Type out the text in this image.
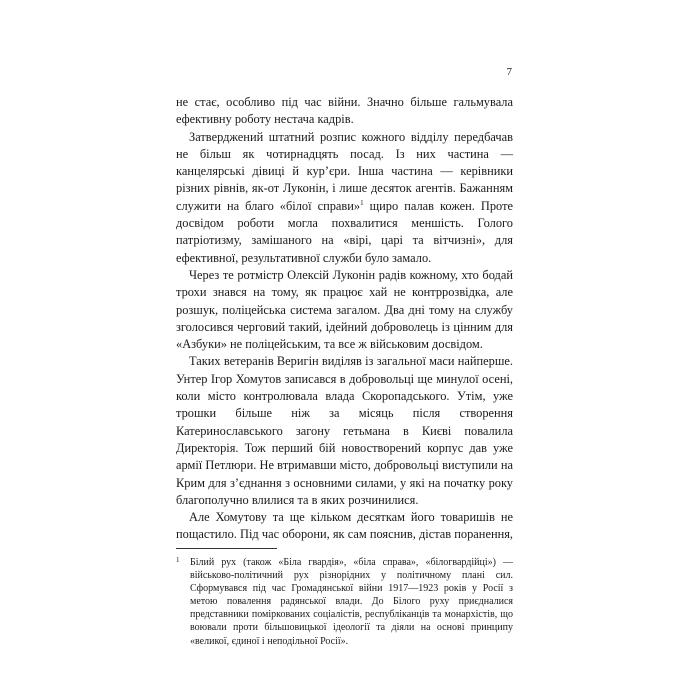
7

не стає, особливо під час війни. Значно більше гальмувала ефективну роботу нестача кадрів.

Затверджений штатний розпис кожного відділу передбачав не більш як чотирнадцять посад. Із них частина — канцелярські дівиці й кур’єри. Інша частина — керівники різних рівнів, як-от Луконін, і лише десяток агентів. Бажанням служити на благо «білої справи»$^1$ щиро палав кожен. Проте досвідом роботи могла похвалитися меншість. Голого патріотизму, замішаного на «вірі, царі та вітчизні», для ефективної, результативної служби було замало.

Через те ротмістр Олексій Луконін радів кожному, хто бодай трохи знався на тому, як працює хай не контррозвідка, але розшук, поліцейська система загалом. Два дні тому на службу зголосився черговий такий, ідейний доброволець із цінним для «Азбуки» не поліцейським, та все ж військовим досвідом.

Таких ветеранів Веригін виділяв із загальної маси найперше. Унтер Ігор Хомутов записався в добровольці ще минулої осені, коли місто контролювала влада Скоропадського. Утім, уже трошки більше ніж за місяць після створення Катеринославського загону гетьмана в Києві повалила Директорія. Тож перший бій новостворений корпус дав уже армії Петлюри. Не втримавши місто, добровольці виступили на Крим для з’єднання з основними силами, у які на початку року благополучно влилися та в яких розчинилися.

Але Хомутову та ще кільком десяткам його товаришів не пощастило. Під час оборони, як сам пояснив, дістав поранення,

1 Білий рух (також «Біла гвардія», «біла справа», «білогвардійці») — військово-політичний рух різнорідних у політичному плані сил. Сформувався під час Громадянської війни 1917—1923 років у Росії з метою повалення радянської влади. До Білого руху приєдналися представники поміркованих соціалістів, республіканців та монархістів, що воювали проти більшовицької ідеології та діяли на основі принципу «великої, єдиної і неподільної Росії».
